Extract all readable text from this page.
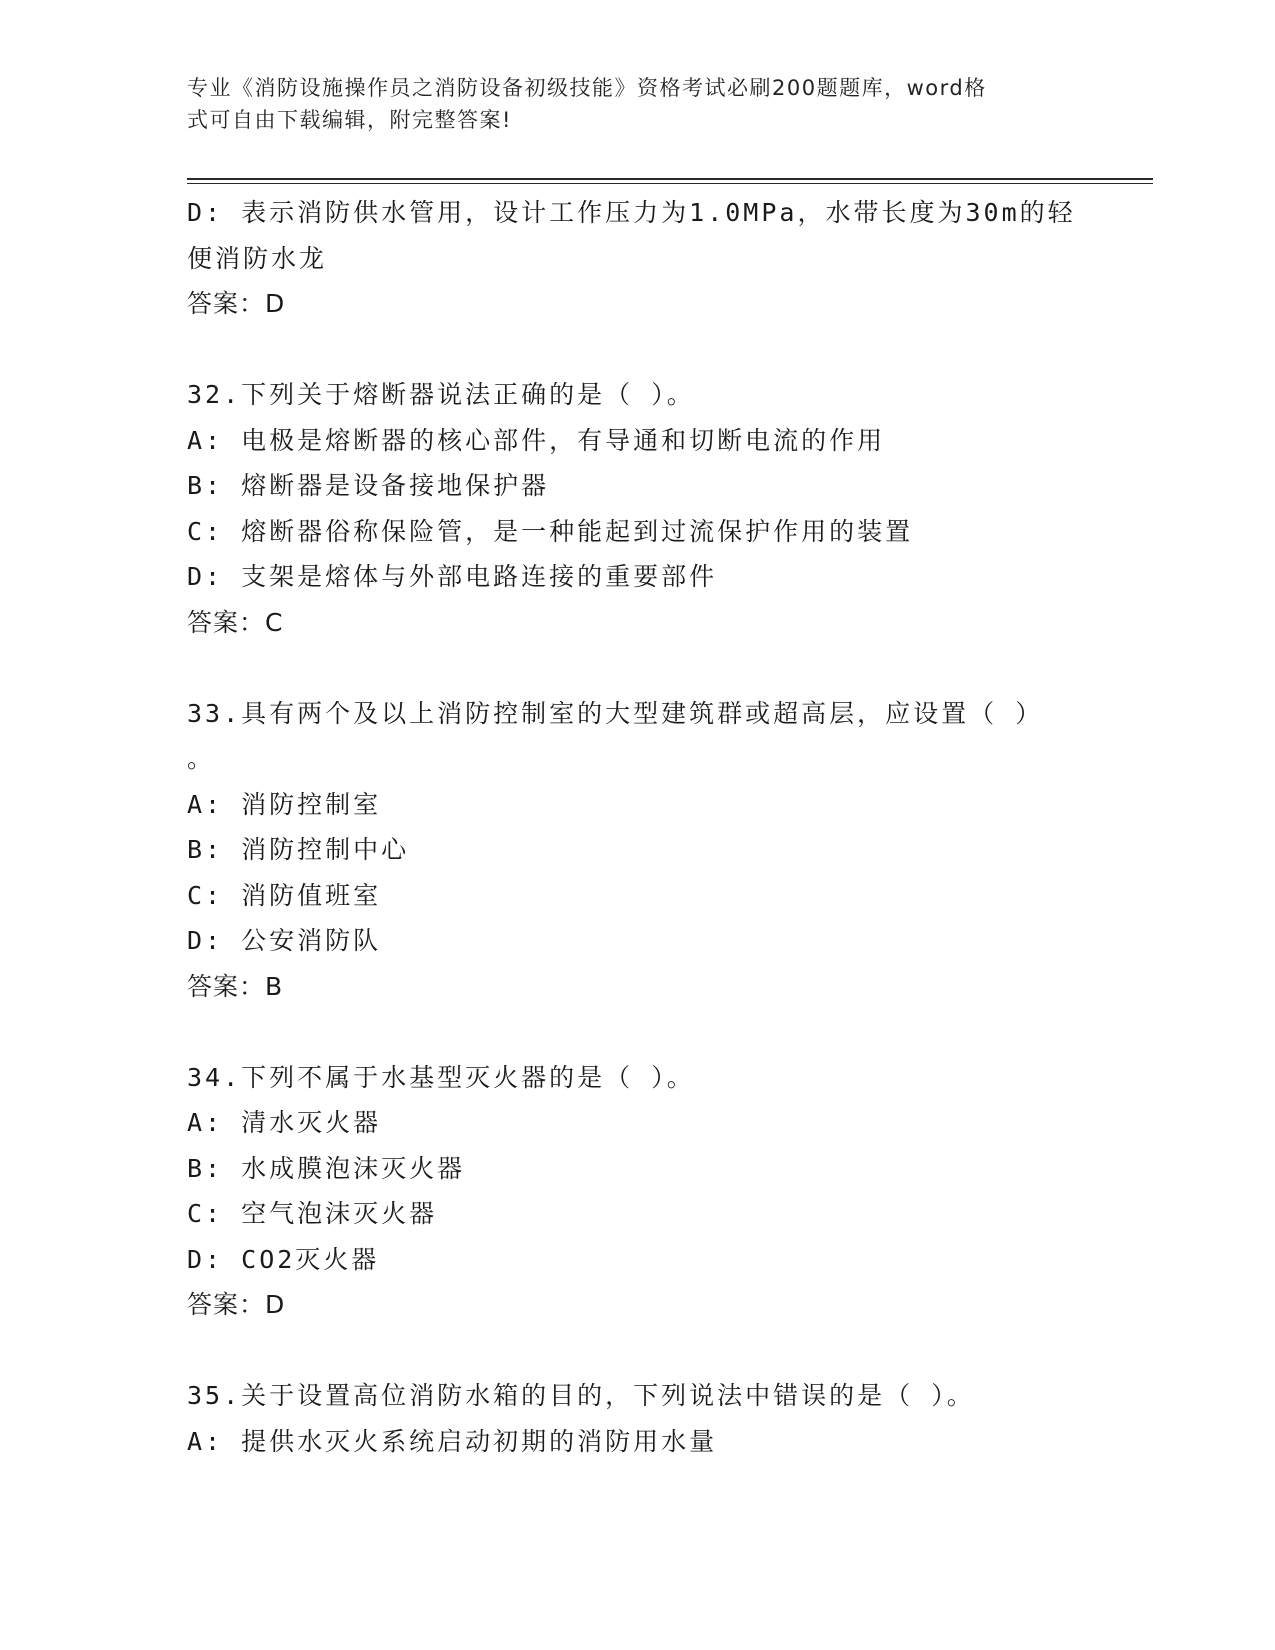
专业《消防设施操作员之消防设备初级技能》资格考试必刷200题题库，word格
式可自由下载编辑，附完整答案!
D: 表示消防供水管用，设计工作压力为1.0MPa，水带长度为30m的轻
便消防水龙
答案：D
32.下列关于熔断器说法正确的是（ ）。
A: 电极是熔断器的核心部件，有导通和切断电流的作用
B: 熔断器是设备接地保护器
C: 熔断器俗称保险管，是一种能起到过流保护作用的装置
D: 支架是熔体与外部电路连接的重要部件
答案：C
33.具有两个及以上消防控制室的大型建筑群或超高层，应设置（ ）
。
A: 消防控制室
B: 消防控制中心
C: 消防值班室
D: 公安消防队
答案：B
34.下列不属于水基型灭火器的是（ ）。
A: 清水灭火器
B: 水成膜泡沫灭火器
C: 空气泡沫灭火器
D: CO2灭火器
答案：D
35.关于设置高位消防水箱的目的，下列说法中错误的是（ ）。
A: 提供水灭火系统启动初期的消防用水量
